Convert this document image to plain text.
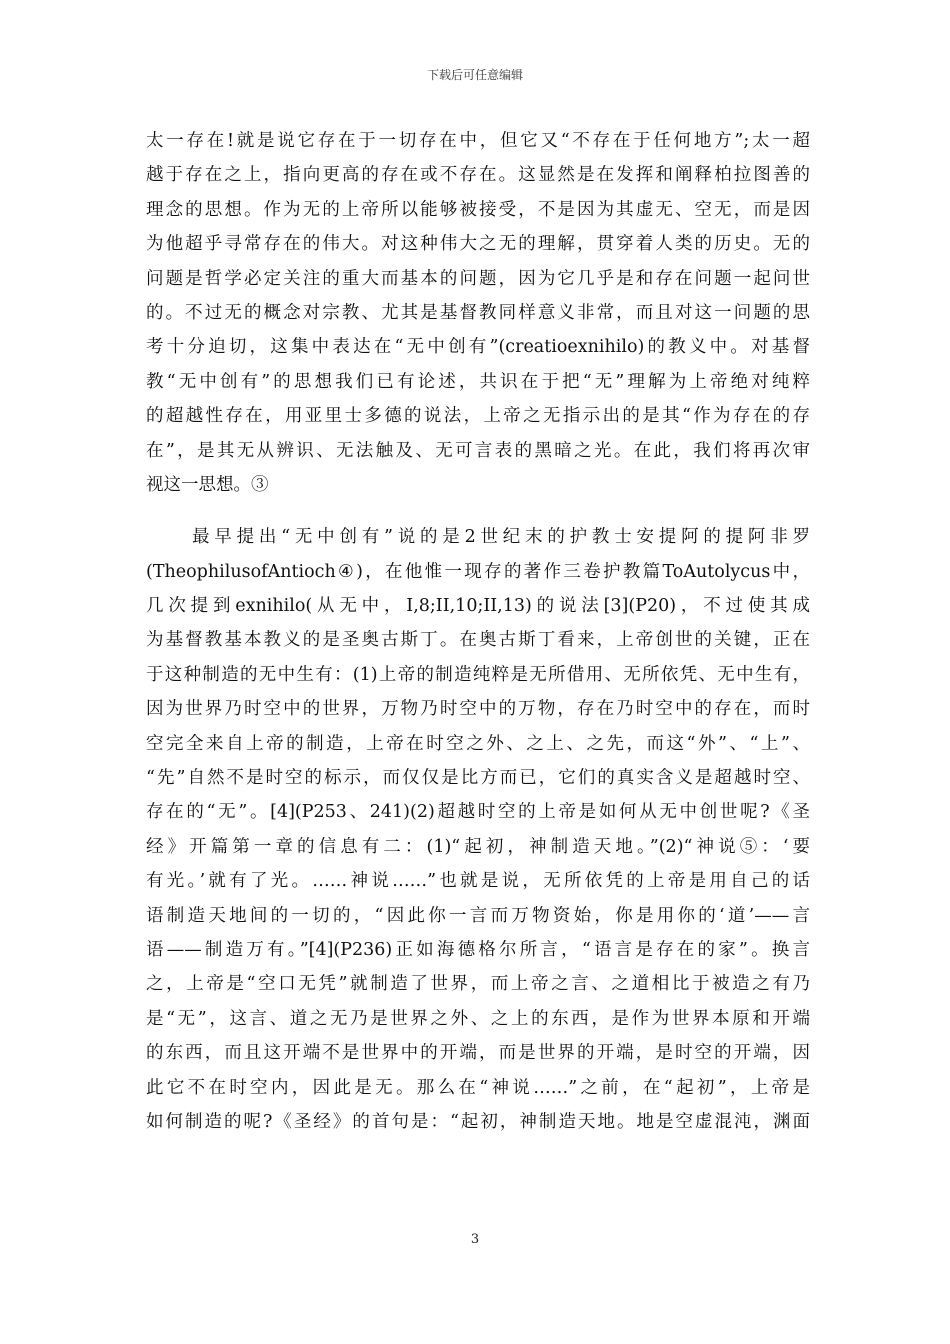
下载后可任意编辑
太一存在!就是说它存在于一切存在中，但它又“不存在于任何地方”;太一超
越于存在之上，指向更高的存在或不存在。这显然是在发挥和阐释柏拉图善的
理念的思想。作为无的上帝所以能够被接受，不是因为其虚无、空无，而是因
为他超乎寻常存在的伟大。对这种伟大之无的理解，贯穿着人类的历史。无的
问题是哲学必定关注的重大而基本的问题，因为它几乎是和存在问题一起问世
的。不过无的概念对宗教、尤其是基督教同样意义非常，而且对这一问题的思
考十分迫切，这集中表达在“无中创有”(creatioexnihilo)的教义中。对基督
教“无中创有”的思想我们已有论述，共识在于把“无”理解为上帝绝对纯粹
的超越性存在，用亚里士多德的说法，上帝之无指示出的是其“作为存在的存
在”，是其无从辨识、无法触及、无可言表的黑暗之光。在此，我们将再次审
视这一思想。③
最早提出“无中创有”说的是2世纪末的护教士安提阿的提阿非罗
(TheophilusofAntioch④)，在他惟一现存的著作三卷护教篇ToAutolycus中，
几次提到exnihilo(从无中，I,8;II,10;II,13)的说法[3](P20)，不过使其成
为基督教基本教义的是圣奥古斯丁。在奥古斯丁看来，上帝创世的关键，正在
于这种制造的无中生有：(1)上帝的制造纯粹是无所借用、无所依凭、无中生有，
因为世界乃时空中的世界，万物乃时空中的万物，存在乃时空中的存在，而时
空完全来自上帝的制造，上帝在时空之外、之上、之先，而这“外”、“上”、
“先”自然不是时空的标示，而仅仅是比方而已，它们的真实含义是超越时空、
存在的“无”。[4](P253、241)(2)超越时空的上帝是如何从无中创世呢?《圣
经》开篇第一章的信息有二：(1)“起初，神制造天地。”(2)“神说⑤：‘要
有光。’就有了光。……神说……”也就是说，无所依凭的上帝是用自己的话
语制造天地间的一切的，“因此你一言而万物资始，你是用你的‘道’——言
语——制造万有。”[4](P236)正如海德格尔所言，“语言是存在的家”。换言
之，上帝是“空口无凭”就制造了世界，而上帝之言、之道相比于被造之有乃
是“无”，这言、道之无乃是世界之外、之上的东西，是作为世界本原和开端
的东西，而且这开端不是世界中的开端，而是世界的开端，是时空的开端，因
此它不在时空内，因此是无。那么在“神说……”之前，在“起初”，上帝是
如何制造的呢?《圣经》的首句是：“起初，神制造天地。地是空虚混沌，渊面
3
